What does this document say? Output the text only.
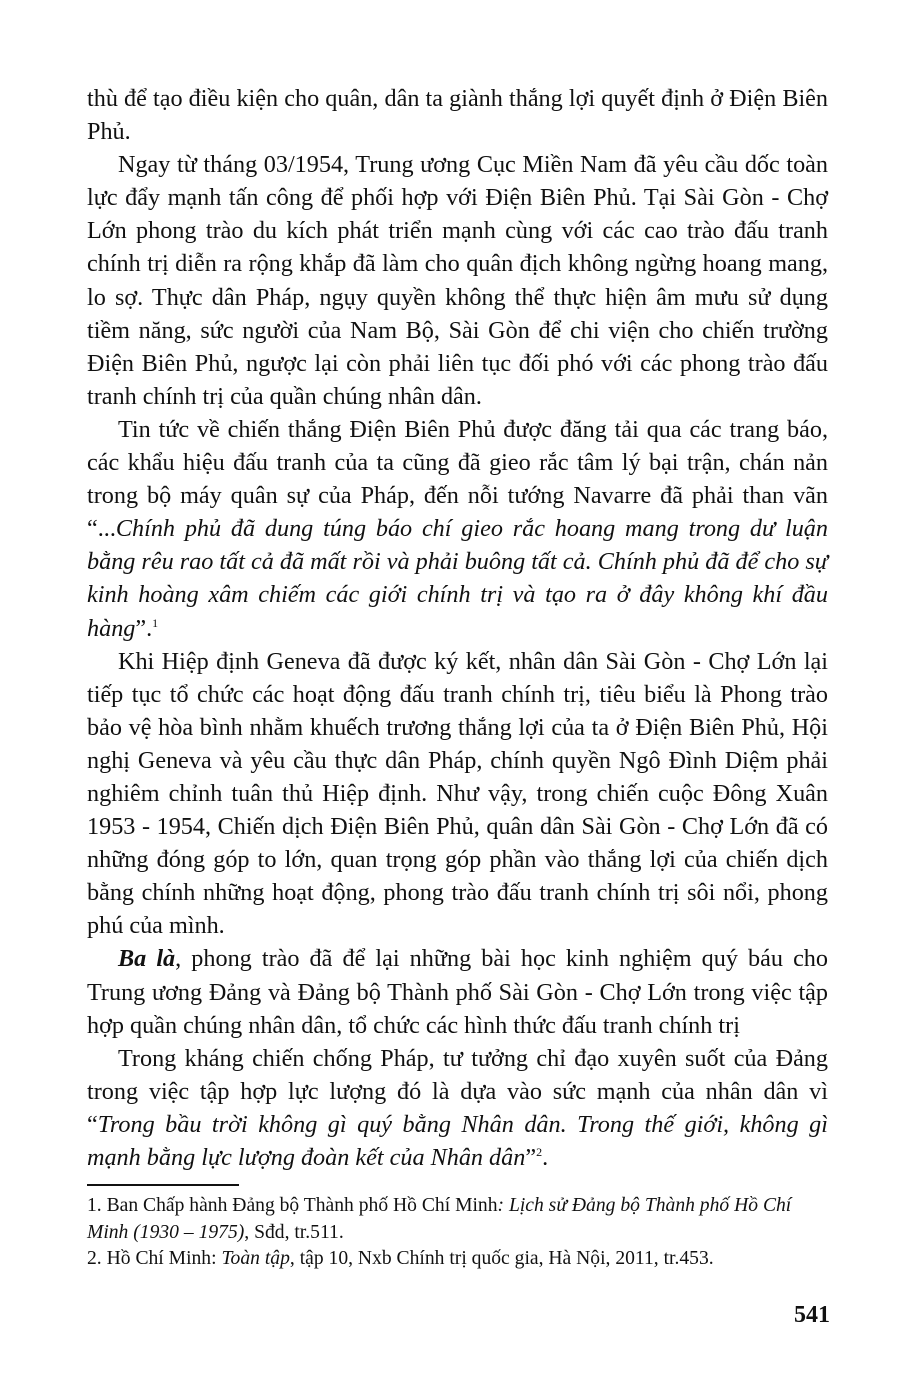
thù để tạo điều kiện cho quân, dân ta giành thắng lợi quyết định ở Điện Biên Phủ.

Ngay từ tháng 03/1954, Trung ương Cục Miền Nam đã yêu cầu dốc toàn lực đẩy mạnh tấn công để phối hợp với Điện Biên Phủ. Tại Sài Gòn - Chợ Lớn phong trào du kích phát triển mạnh cùng với các cao trào đấu tranh chính trị diễn ra rộng khắp đã làm cho quân địch không ngừng hoang mang, lo sợ. Thực dân Pháp, ngụy quyền không thể thực hiện âm mưu sử dụng tiềm năng, sức người của Nam Bộ, Sài Gòn để chi viện cho chiến trường Điện Biên Phủ, ngược lại còn phải liên tục đối phó với các phong trào đấu tranh chính trị của quần chúng nhân dân.

Tin tức về chiến thắng Điện Biên Phủ được đăng tải qua các trang báo, các khẩu hiệu đấu tranh của ta cũng đã gieo rắc tâm lý bại trận, chán nản trong bộ máy quân sự của Pháp, đến nỗi tướng Navarre đã phải than vãn “...Chính phủ đã dung túng báo chí gieo rắc hoang mang trong dư luận bằng rêu rao tất cả đã mất rồi và phải buông tất cả. Chính phủ đã để cho sự kinh hoàng xâm chiếm các giới chính trị và tạo ra ở đây không khí đầu hàng”.$^1$

Khi Hiệp định Geneva đã được ký kết, nhân dân Sài Gòn - Chợ Lớn lại tiếp tục tổ chức các hoạt động đấu tranh chính trị, tiêu biểu là Phong trào bảo vệ hòa bình nhằm khuếch trương thắng lợi của ta ở Điện Biên Phủ, Hội nghị Geneva và yêu cầu thực dân Pháp, chính quyền Ngô Đình Diệm phải nghiêm chỉnh tuân thủ Hiệp định. Như vậy, trong chiến cuộc Đông Xuân 1953 - 1954, Chiến dịch Điện Biên Phủ, quân dân Sài Gòn - Chợ Lớn đã có những đóng góp to lớn, quan trọng góp phần vào thắng lợi của chiến dịch bằng chính những hoạt động, phong trào đấu tranh chính trị sôi nổi, phong phú của mình.

Ba là, phong trào đã để lại những bài học kinh nghiệm quý báu cho Trung ương Đảng và Đảng bộ Thành phố Sài Gòn - Chợ Lớn trong việc tập hợp quần chúng nhân dân, tổ chức các hình thức đấu tranh chính trị

Trong kháng chiến chống Pháp, tư tưởng chỉ đạo xuyên suốt của Đảng trong việc tập hợp lực lượng đó là dựa vào sức mạnh của nhân dân vì “Trong bầu trời không gì quý bằng Nhân dân. Trong thế giới, không gì mạnh bằng lực lượng đoàn kết của Nhân dân”$^2$.

1. Ban Chấp hành Đảng bộ Thành phố Hồ Chí Minh: Lịch sử Đảng bộ Thành phố Hồ Chí Minh (1930 – 1975), Sđd, tr.511.

2. Hồ Chí Minh: Toàn tập, tập 10, Nxb Chính trị quốc gia, Hà Nội, 2011, tr.453.

541
